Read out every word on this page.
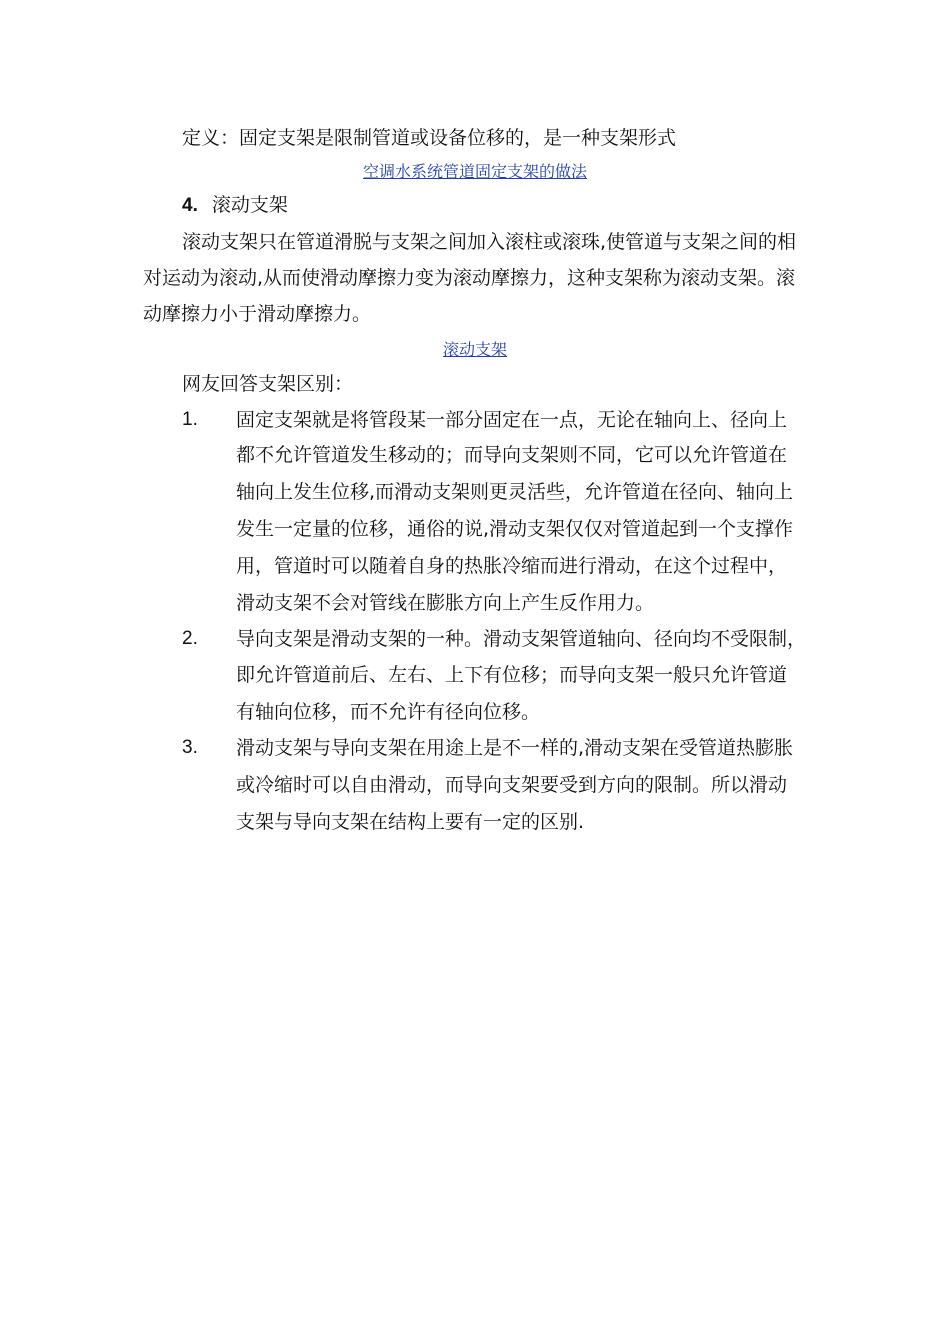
定义：固定支架是限制管道或设备位移的，是一种支架形式
空调水系统管道固定支架的做法
4. 滚动支架
滚动支架只在管道滑脱与支架之间加入滚柱或滚珠,使管道与支架之间的相
对运动为滚动,从而使滑动摩擦力变为滚动摩擦力，这种支架称为滚动支架。滚
动摩擦力小于滑动摩擦力。
滚动支架
网友回答支架区别：
1. 固定支架就是将管段某一部分固定在一点，无论在轴向上、径向上
都不允许管道发生移动的；而导向支架则不同，它可以允许管道在
轴向上发生位移,而滑动支架则更灵活些，允许管道在径向、轴向上
发生一定量的位移，通俗的说,滑动支架仅仅对管道起到一个支撑作
用，管道时可以随着自身的热胀冷缩而进行滑动，在这个过程中，
滑动支架不会对管线在膨胀方向上产生反作用力。
2. 导向支架是滑动支架的一种。滑动支架管道轴向、径向均不受限制，
即允许管道前后、左右、上下有位移；而导向支架一般只允许管道
有轴向位移，而不允许有径向位移。
3. 滑动支架与导向支架在用途上是不一样的,滑动支架在受管道热膨胀
或冷缩时可以自由滑动，而导向支架要受到方向的限制。所以滑动
支架与导向支架在结构上要有一定的区别.
